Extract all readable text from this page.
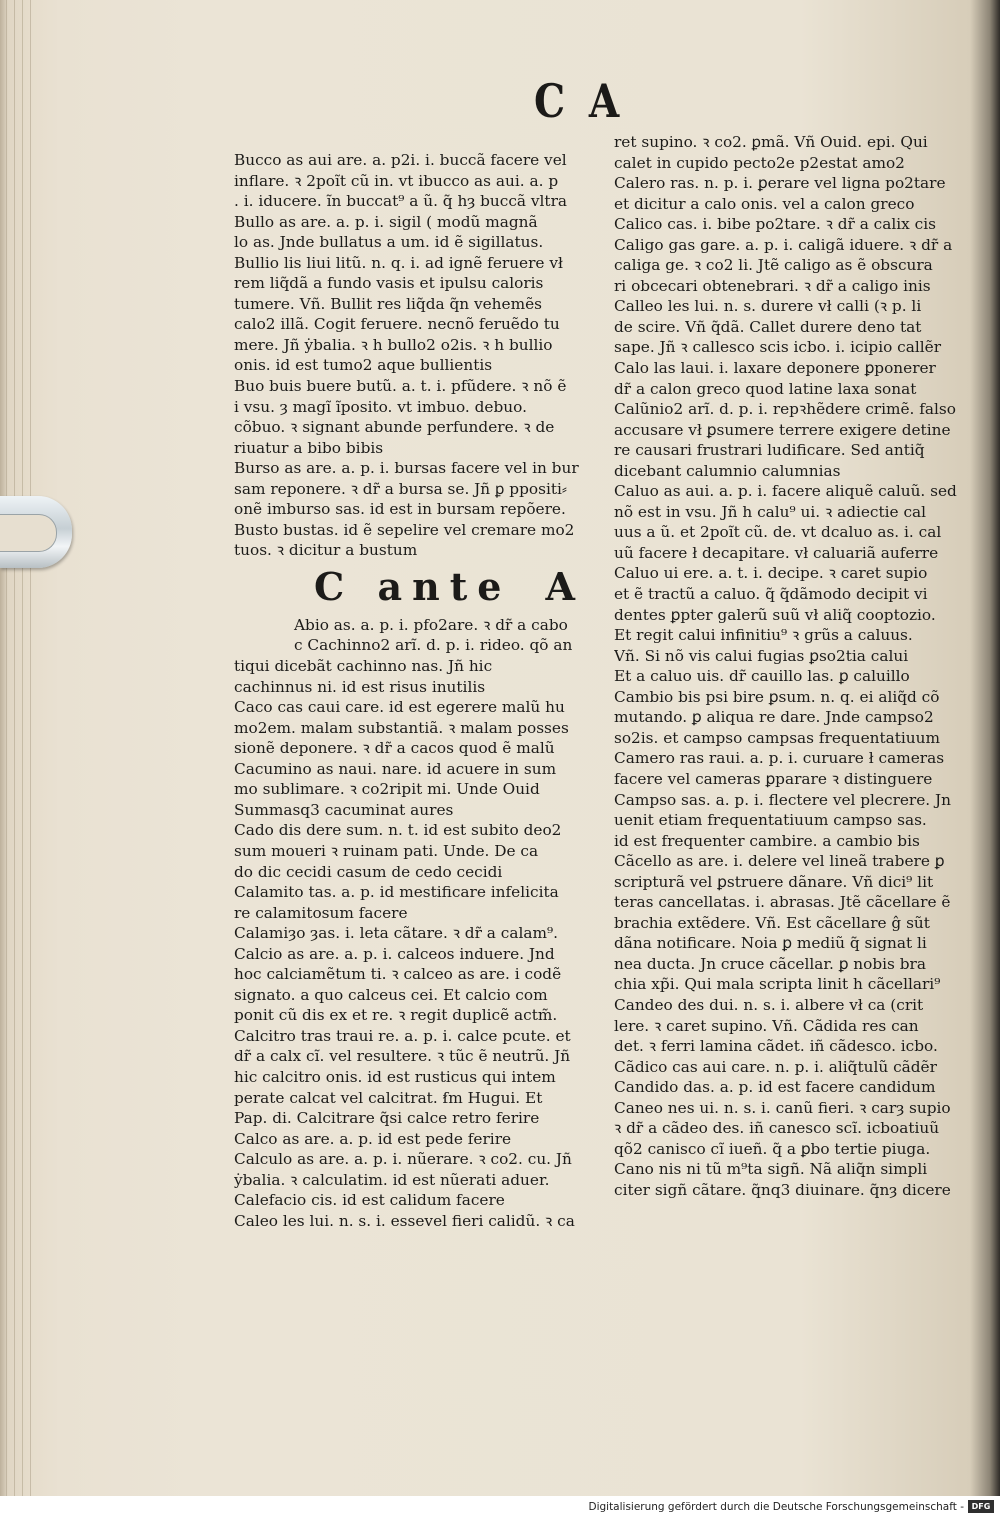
C A
Bucco as aui are. a. p2i. i. buccã facere vel
inflare. ꝛ 2poĩt cũ in. vt ibucco as aui. a. p
. i. iducere. ĩn buccat⁹ a ũ. q̃ hȝ buccã vltra
Bullo as are. a. p. i. sigil ( modũ magnã
lo as. Jnde bullatus a um. id ẽ sigillatus.
Bullio lis liui litũ. n. q. i. ad ignẽ feruere vł
rem liq̃dã a fundo vasis et ipulsu caloris
tumere. Vñ. Bullit res liq̃da q̃n vehemẽs
calo2 illã. Cogit feruere. necnõ feruẽdo tu
mere. Jñ ẏbalia. ꝛ h bullo2 o2is. ꝛ h bullio
onis. id est tumo2 aque bullientis
Buo buis buere butũ. a. t. i. pfũdere. ꝛ nõ ẽ
i vsu. ȝ magĩ ĩposito. vt imbuo. debuo.
cõbuo. ꝛ signant abunde perfundere. ꝛ de
riuatur a bibo bibis
Burso as are. a. p. i. bursas facere vel in bur
sam reponere. ꝛ dr̃ a bursa se. Jñ ꝑ ppositi⸗
onẽ imburso sas. id est in bursam repõere.
Busto bustas. id ẽ sepelire vel cremare mo2
tuos. ꝛ dicitur a bustum
C ante A
Abio as. a. p. i. pfo2are. ꝛ dr̃ a cabo
c Cachinno2 arĩ. d. p. i. rideo. qõ an
tiqui dicebãt cachinno nas. Jñ hic
cachinnus ni. id est risus inutilis
Caco cas caui care. id est egerere malũ hu
mo2em. malam substantiã. ꝛ malam posses
sionẽ deponere. ꝛ dr̃ a cacos quod ẽ malũ
Cacumino as naui. nare. id acuere in sum
mo sublimare. ꝛ co2ripit mi. Unde Ouid
Summasq3 cacuminat aures
Cado dis dere sum. n. t. id est subito deo2
sum moueri ꝛ ruinam pati. Unde. De ca
do dic cecidi casum de cedo cecidi
Calamito tas. a. p. id mestificare infelicita
re calamitosum facere
Calamiȝo ȝas. i. leta cãtare. ꝛ dr̃ a calam⁹.
Calcio as are. a. p. i. calceos induere. Jnd
hoc calciamẽtum ti. ꝛ calceo as are. i codẽ
signato. a quo calceus cei. Et calcio com
ponit cũ dis ex et re. ꝛ regit duplicẽ actm̃.
Calcitro tras traui re. a. p. i. calce pcute. et
dr̃ a calx cĩ. vel resultere. ꝛ tũc ẽ neutrũ. Jñ
hic calcitro onis. id est rusticus qui intem
perate calcat vel calcitrat. ẜm Hugui. Et
Pap. di. Calcitrare q̃si calce retro ferire
Calco as are. a. p. id est pede ferire
Calculo as are. a. p. i. nũerare. ꝛ co2. cu. Jñ
ẏbalia. ꝛ calculatim. id est nũerati aduer.
Calefacio cis. id est calidum facere
Caleo les lui. n. s. i. essevel fieri calidũ. ꝛ ca
ret supino. ꝛ co2. ꝑmã. Vñ Ouid. epi. Qui
calet in cupido pecto2e p2estat amo2
Calero ras. n. p. i. ꝑerare vel ligna po2tare
et dicitur a calo onis. vel a calon greco
Calico cas. i. bibe po2tare. ꝛ dr̃ a calix cis
Caligo gas gare. a. p. i. caligã iduere. ꝛ dr̃ a
caliga ge. ꝛ co2 li. Jtẽ caligo as ẽ obscura
ri obcecari obtenebrari. ꝛ dr̃ a caligo inis
Calleo les lui. n. s. durere vł calli (ꝛ p. li
de scire. Vñ q̃dã. Callet durere deno tat
sape. Jñ ꝛ callesco scis icbo. i. icipio callẽr
Calo las laui. i. laxare deponere ꝑponerer
dr̃ a calon greco quod latine laxa sonat
Calũnio2 arĩ. d. p. i. repꝛhẽdere crimẽ. falso
accusare vł ꝑsumere terrere exigere detine
re causari frustrari ludificare. Sed antiq̃
dicebant calumnio calumnias
Caluo as aui. a. p. i. facere aliquẽ caluũ. sed
nõ est in vsu. Jñ h calu⁹ ui. ꝛ adiectie cal
uus a ũ. et 2poĩt cũ. de. vt dcaluo as. i. cal
uũ facere ł decapitare. vł caluariã auferre
Caluo ui ere. a. t. i. decipe. ꝛ caret supio
et ẽ tractũ a caluo. q̃ q̃dãmodo decipit vi
dentes ꝑpter galerũ suũ vł aliq̃ cooptozio.
Et regit calui infinitiu⁹ ꝛ grũs a caluus.
Vñ. Si nõ vis calui fugias ꝑso2tia calui
Et a caluo uis. dr̃ cauillo las. ꝑ caluillo
Cambio bis psi bire ꝑsum. n. q. ei aliq̃d cõ
mutando. ꝑ aliqua re dare. Jnde campso2
so2is. et campso campsas frequentatiuum
Camero ras raui. a. p. i. curuare ł cameras
facere vel cameras ꝑparare ꝛ distinguere
Campso sas. a. p. i. flectere vel plecrere. Jn
uenit etiam frequentatiuum campso sas.
id est frequenter cambire. a cambio bis
Cãcello as are. i. delere vel lineã trabere ꝑ
scripturã vel ꝑstruere dãnare. Vñ dici⁹ lit
teras cancellatas. i. abrasas. Jtẽ cãcellare ẽ
brachia extẽdere. Vñ. Est cãcellare ĝ sũt
dãna notificare. Noia ꝑ mediũ q̃ signat li
nea ducta. Jn cruce cãcellar. ꝑ nobis bra
chia xp̃i. Qui mala scripta linit h cãcellari⁹
Candeo des dui. n. s. i. albere vł ca (crit
lere. ꝛ caret supino. Vñ. Cãdida res can
det. ꝛ ferri lamina cãdet. iñ cãdesco. icbo.
Cãdico cas aui care. n. p. i. aliq̃tulũ cãdẽr
Candido das. a. p. id est facere candidum
Caneo nes ui. n. s. i. canũ fieri. ꝛ carȝ supio
ꝛ dr̃ a cãdeo des. iñ canesco scĩ. icboatiuũ
qõ2 canisco cĩ iueñ. q̃ a ꝑbo tertie piuga.
Cano nis ni tũ m⁹ta sigñ. Nã aliq̃n simpli
citer sigñ cãtare. q̃nq3 diuinare. q̃nȝ dicere
Digitalisierung gefördert durch die Deutsche Forschungsgemeinschaft - DFG
